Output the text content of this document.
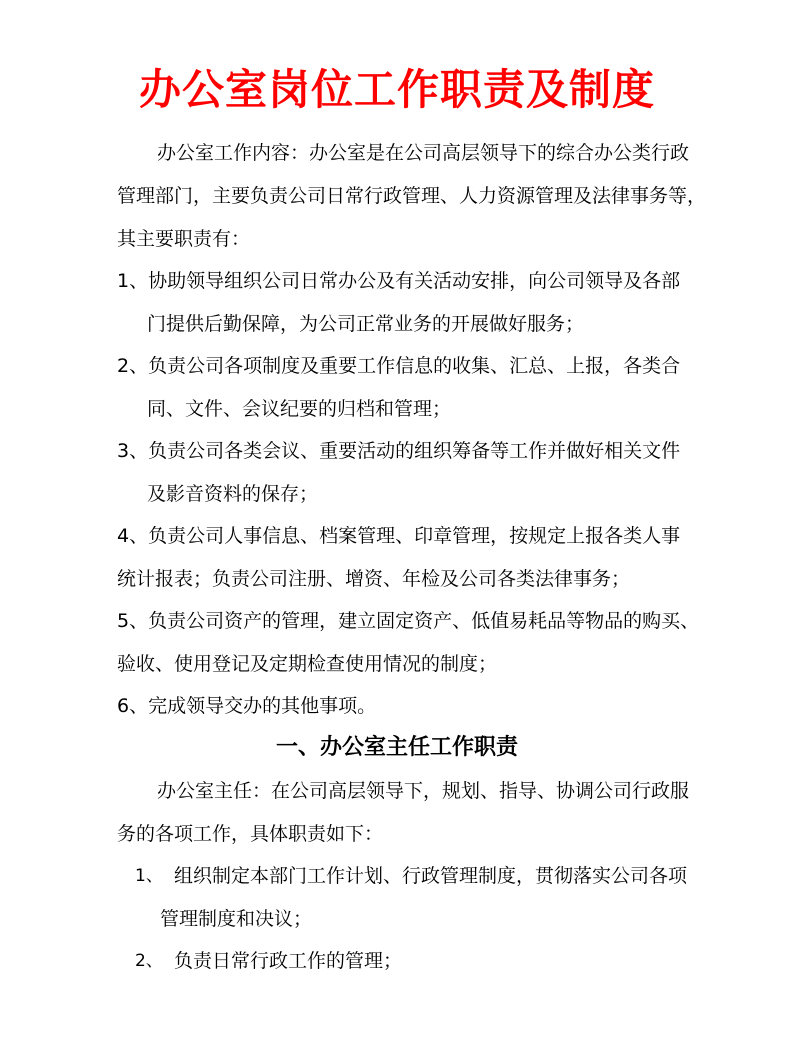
办公室岗位工作职责及制度
办公室工作内容：办公室是在公司高层领导下的综合办公类行政
管理部门，主要负责公司日常行政管理、人力资源管理及法律事务等，
其主要职责有：
1、协助领导组织公司日常办公及有关活动安排，向公司领导及各部
门提供后勤保障，为公司正常业务的开展做好服务；
2、负责公司各项制度及重要工作信息的收集、汇总、上报，各类合
同、文件、会议纪要的归档和管理；
3、负责公司各类会议、重要活动的组织筹备等工作并做好相关文件
及影音资料的保存；
4、负责公司人事信息、档案管理、印章管理，按规定上报各类人事
统计报表；负责公司注册、增资、年检及公司各类法律事务；
5、负责公司资产的管理，建立固定资产、低值易耗品等物品的购买、
验收、使用登记及定期检查使用情况的制度；
6、完成领导交办的其他事项。
一、办公室主任工作职责
办公室主任：在公司高层领导下，规划、指导、协调公司行政服
务的各项工作，具体职责如下：
1、 组织制定本部门工作计划、行政管理制度，贯彻落实公司各项
管理制度和决议；
2、 负责日常行政工作的管理；
